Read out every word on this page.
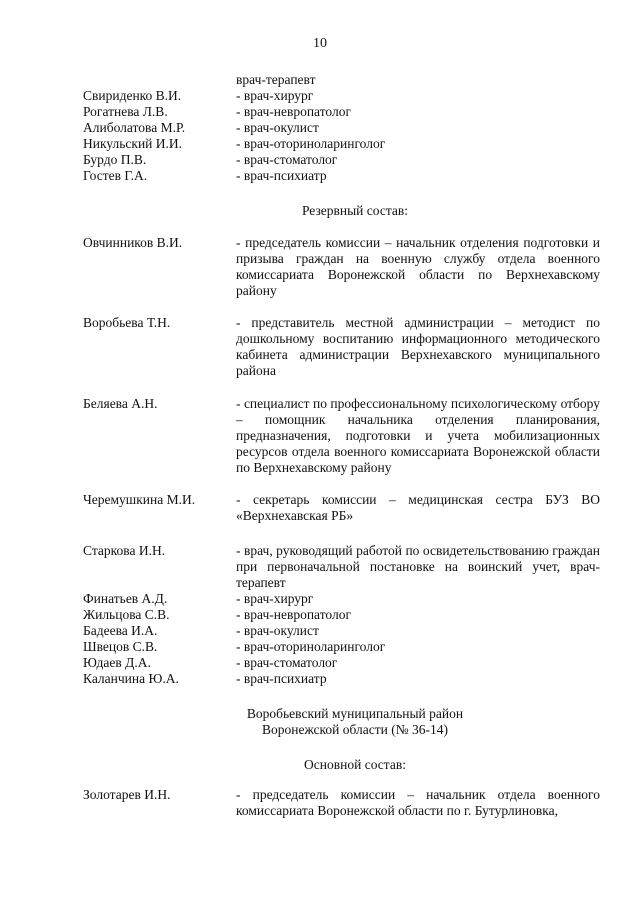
10
врач-терапевт
Свириденко В.И.	- врач-хирург
Рогатнева Л.В.	- врач-невропатолог
Алиболатова М.Р.	- врач-окулист
Никульский И.И.	- врач-оториноларинголог
Бурдо П.В.	- врач-стоматолог
Гостев Г.А.	- врач-психиатр
Резервный состав:
Овчинников В.И.	- председатель комиссии – начальник отделения подготовки и призыва граждан на военную службу отдела военного комиссариата Воронежской области по Верхнехавскому району
Воробьева Т.Н.	- представитель местной администрации – методист по дошкольному воспитанию информационного методического кабинета администрации Верхнехавского муниципального района
Беляева А.Н.	- специалист по профессиональному психологическому отбору – помощник начальника отделения планирования, предназначения, подготовки и учета мобилизационных ресурсов отдела военного комиссариата Воронежской области по Верхнехавскому району
Черемушкина М.И.	- секретарь комиссии – медицинская сестра БУЗ ВО «Верхнехавская РБ»
Старкова И.Н.	- врач, руководящий работой по освидетельствованию граждан при первоначальной постановке на воинский учет, врач-терапевт
Финатьев А.Д.	- врач-хирург
Жильцова С.В.	- врач-невропатолог
Бадеева И.А.	- врач-окулист
Швецов С.В.	- врач-оториноларинголог
Юдаев Д.А.	- врач-стоматолог
Каланчина Ю.А.	- врач-психиатр
Воробьевский муниципальный район
Воронежской области (№ 36-14)
Основной состав:
Золотарев И.Н.	- председатель комиссии – начальник отдела военного комиссариата Воронежской области по г. Бутурлиновка,
